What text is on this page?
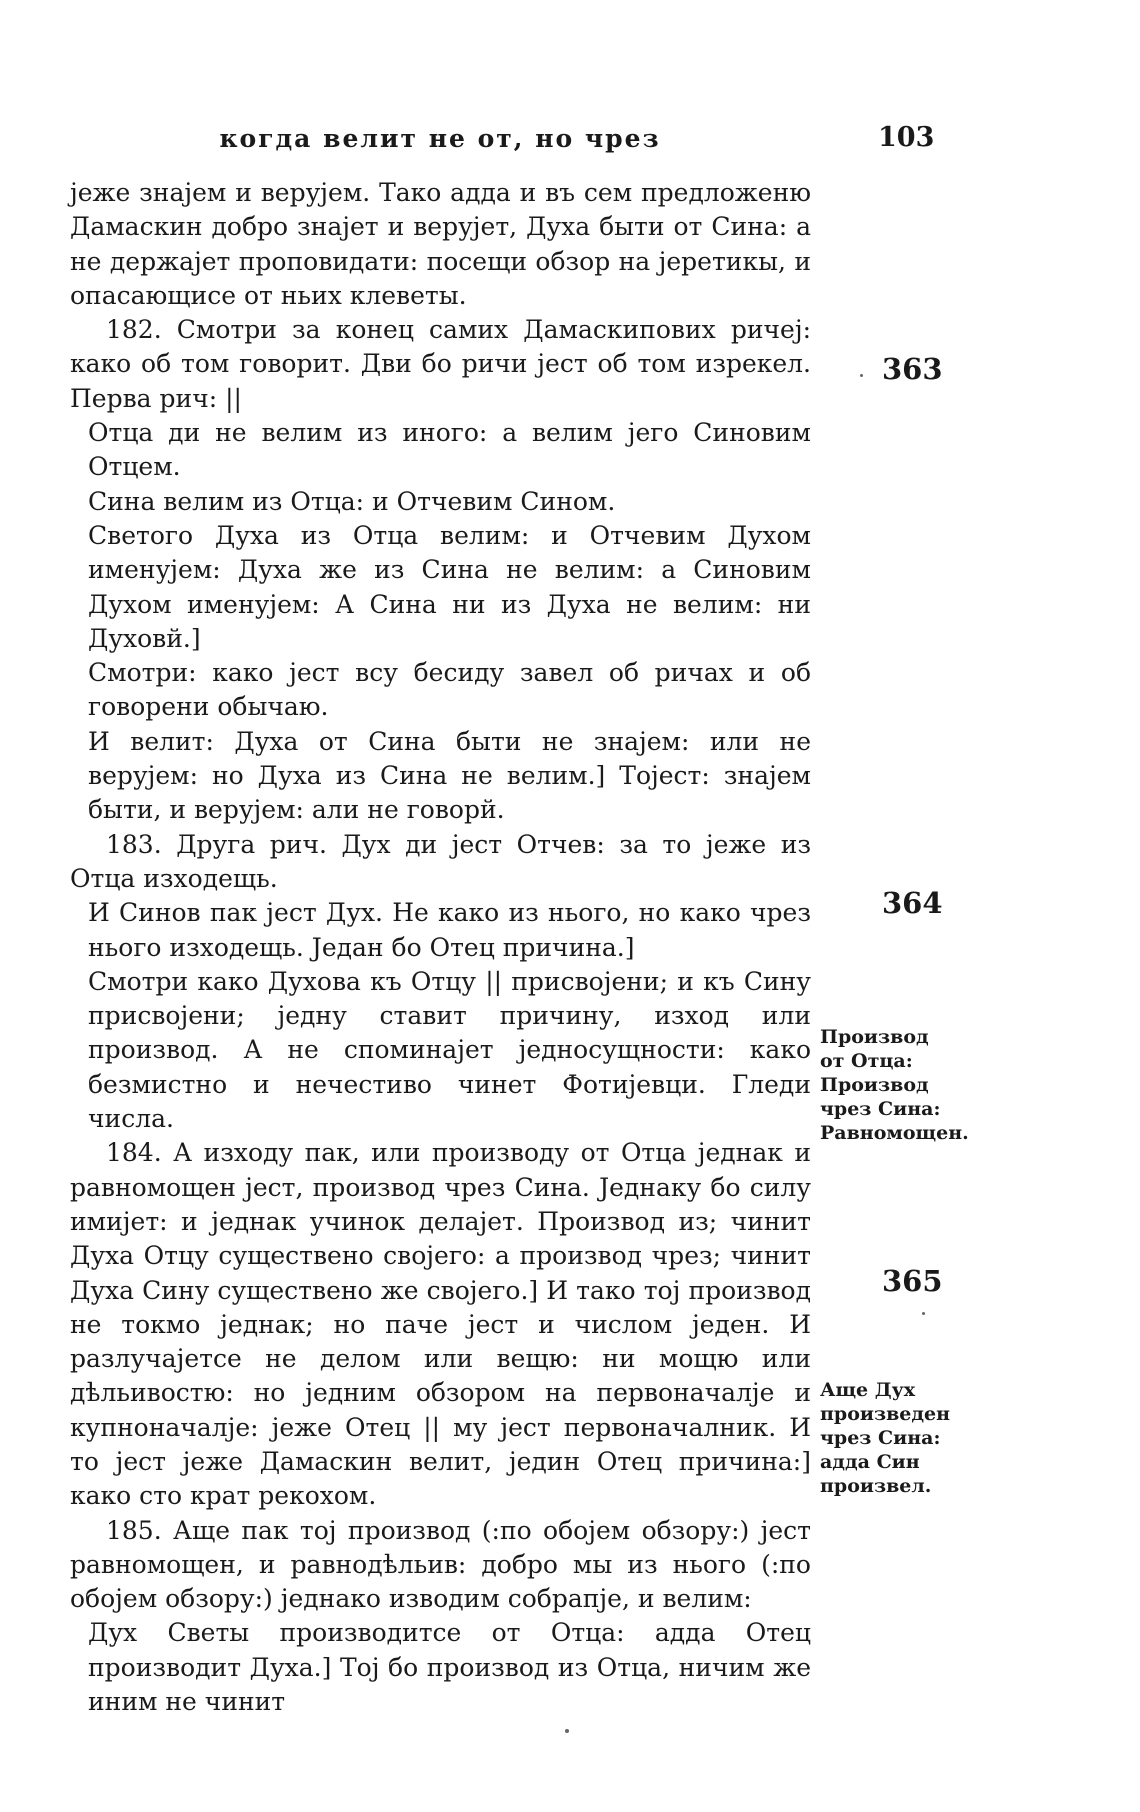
когда велит не от, но чрез	103

јеже знајем и верујем. Тако адда и въ сем предложеню Дамаскин добро знајет и верујет, Духа быти от Сина: а не держајет проповидати: посещи обзор на јеретикы, и опасающисе от ньих клеветы.

182. Смотри за конец самих Дамаскипових ричеј: како об том говорит. Дви бо ричи јест об том изрекел. Перва рич: ||

Отца ди не велим из иного: а велим јего Синовим Отцем.

Сина велим из Отца: и Отчевим Сином.

Светого Духа из Отца велим: и Отчевим Духом именујем: Духа же из Сина не велим: а Синовим Духом именујем: А Сина ни из Духа не велим: ни Духовй.]

Смотри: како јест всу бесиду завел об ричах и об говорени обычаю.

И велит: Духа от Сина быти не знајем: или не верујем: но Духа из Сина не велим.] Тојест: знајем быти, и верујем: али не говорй.

183. Друга рич. Дух ди јест Отчев: за то јеже из Отца изходещь.

И Синов пак јест Дух. Не како из нього, но како чрез нього изходещь. Један бо Отец причина.]

Смотри како Духова къ Отцу || присвојени; и къ Сину присвојени; једну ставит причину, изход или производ. А не споминајет једносущности: како безмистно и нечестиво чинет Фотијевци. Гледи числа.

184. А изходу пак, или производу от Отца једнак и равномощен јест, производ чрез Сина. Једнаку бо силу имијет: и једнак учинок делајет. Производ из; чинит Духа Отцу существено својего: а производ чрез; чинит Духа Сину существено же својего.] И тако тој производ не токмо једнак; но паче јест и числом једен. И разлучајетсе не делом или вещю: ни мощю или дѣльивостю: но једним обзором на первоначалје и купноначалје: јеже Отец || му јест первоначалник. И то јест јеже Дамаскин велит, једин Отец причина:] како сто крат рекохом.

185. Аще пак тој производ (:по обојем обзору:) јест равномощен, и равнодѣльив: добро мы из нього (:по обојем обзору:) једнако изводим собрапје, и велим:

Дух Светы производитсе от Отца: адда Отец производит Духа.] Тој бо производ из Отца, ничим же иним не чинит

363
364
365
Производ от Отца: Производ чрез Сина: Равномощен.
Аще Дух произведен чрез Сина: адда Син произвел.
